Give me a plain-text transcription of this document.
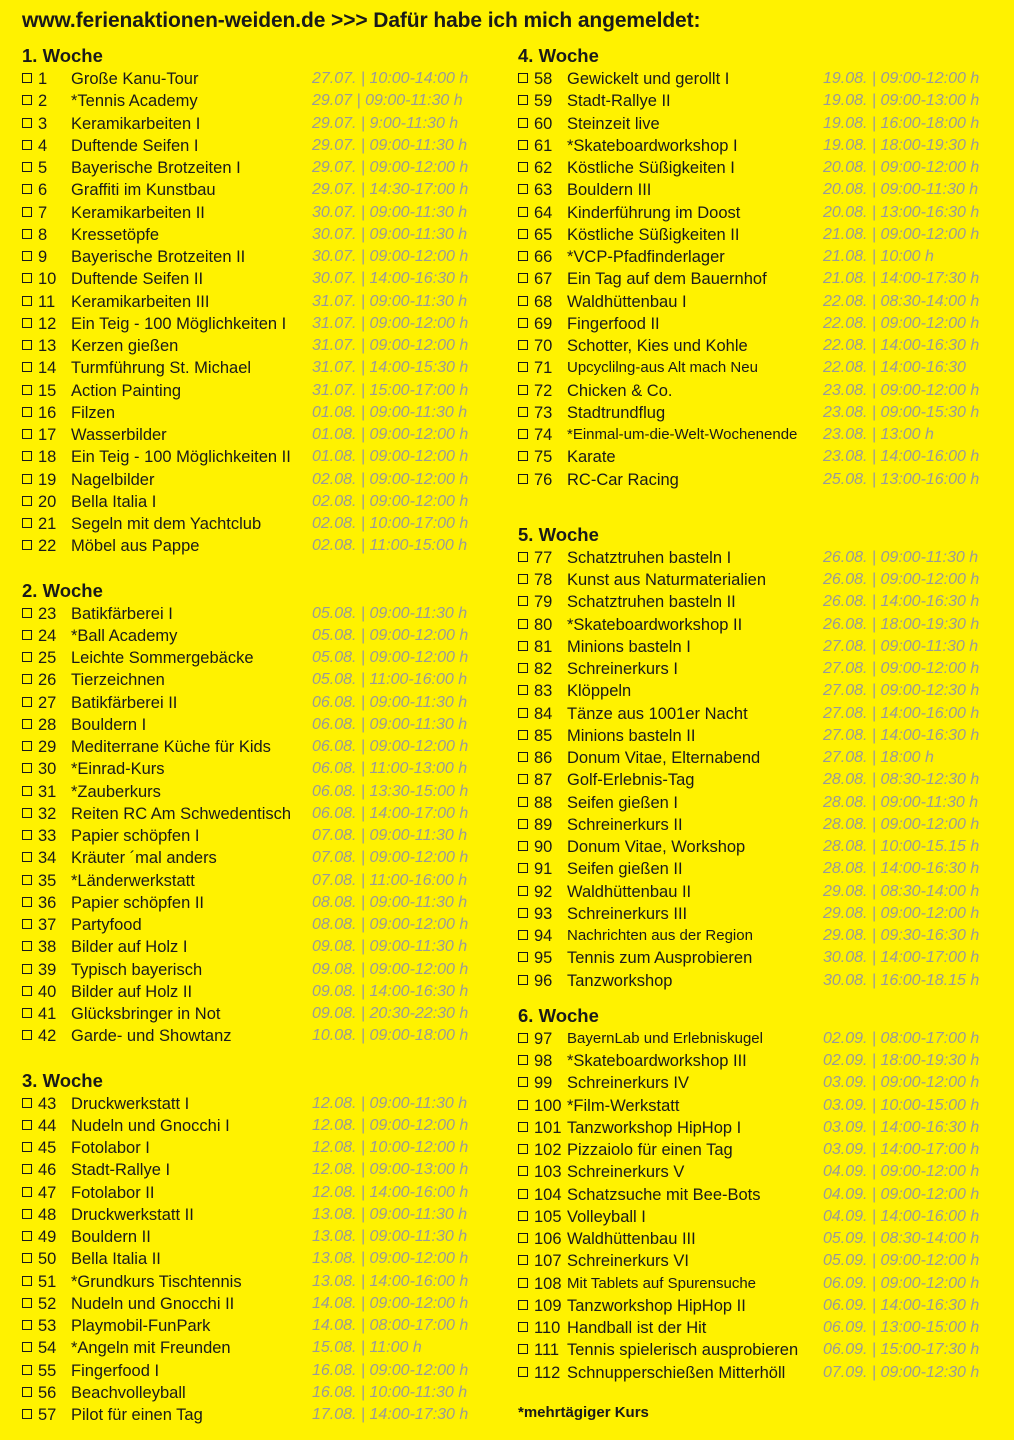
www.ferienaktionen-weiden.de >>> Dafür habe ich mich angemeldet:
1. Woche
1 Große Kanu-Tour	27.07. | 10:00-14:00 h
2 *Tennis Academy	29.07 | 09:00-11:30 h
3 Keramikarbeiten I	29.07. | 9:00-11:30 h
4 Duftende Seifen I	29.07. | 09:00-11:30 h
5 Bayerische Brotzeiten I	29.07. | 09:00-12:00 h
6 Graffiti im Kunstbau	29.07. | 14:30-17:00 h
7 Keramikarbeiten II	30.07. | 09:00-11:30 h
8 Kressetöpfe	30.07. | 09:00-11:30 h
9 Bayerische Brotzeiten II	30.07. | 09:00-12:00 h
10 Duftende Seifen II	30.07. | 14:00-16:30 h
11 Keramikarbeiten III	31.07. | 09:00-11:30 h
12 Ein Teig - 100 Möglichkeiten I 31.07. | 09:00-12:00 h
13 Kerzen gießen	31.07. | 09:00-12:00 h
14 Turmführung St. Michael	31.07. | 14:00-15:30 h
15 Action Painting	31.07. | 15:00-17:00 h
16 Filzen	01.08. | 09:00-11:30 h
17 Wasserbilder	01.08. | 09:00-12:00 h
18 Ein Teig - 100 Möglichkeiten II 01.08. | 09:00-12:00 h
19 Nagelbilder	02.08. | 09:00-12:00 h
20 Bella Italia I	02.08. | 09:00-12:00 h
21 Segeln mit dem Yachtclub	02.08. | 10:00-17:00 h
22 Möbel aus Pappe	02.08. | 11:00-15:00 h
2. Woche
23 Batikfärberei I	05.08. | 09:00-11:30 h
24 *Ball Academy	05.08. | 09:00-12:00 h
25 Leichte Sommergebäcke	05.08. | 09:00-12:00 h
26 Tierzeichnen	05.08. | 11:00-16:00 h
27 Batikfärberei II	06.08. | 09:00-11:30 h
28 Bouldern I	06.08. | 09:00-11:30 h
29 Mediterrane Küche für Kids	06.08. | 09:00-12:00 h
30 *Einrad-Kurs	06.08. | 11:00-13:00 h
31 *Zauberkurs	06.08. | 13:30-15:00 h
32 Reiten RC Am Schwedentisch 06.08. | 14:00-17:00 h
33 Papier schöpfen I	07.08. | 09:00-11:30 h
34 Kräuter ´mal anders	07.08. | 09:00-12:00 h
35 *Länderwerkstatt	07.08. | 11:00-16:00 h
36 Papier schöpfen II	08.08. | 09:00-11:30 h
37 Partyfood	08.08. | 09:00-12:00 h
38 Bilder auf Holz I	09.08. | 09:00-11:30 h
39 Typisch bayerisch	09.08. | 09:00-12:00 h
40 Bilder auf Holz II	09.08. | 14:00-16:30 h
41 Glücksbringer in Not	09.08. | 20:30-22:30 h
42 Garde- und Showtanz	10.08. | 09:00-18:00 h
3. Woche
43 Druckwerkstatt I	12.08. | 09:00-11:30 h
44 Nudeln und Gnocchi I	12.08. | 09:00-12:00 h
45 Fotolabor I	12.08. | 10:00-12:00 h
46 Stadt-Rallye I	12.08. | 09:00-13:00 h
47 Fotolabor II	12.08. | 14:00-16:00 h
48 Druckwerkstatt II	13.08. | 09:00-11:30 h
49 Bouldern II	13.08. | 09:00-11:30 h
50 Bella Italia II	13.08. | 09:00-12:00 h
51 *Grundkurs Tischtennis	13.08. | 14:00-16:00 h
52 Nudeln und Gnocchi II	14.08. | 09:00-12:00 h
53 Playmobil-FunPark	14.08. | 08:00-17:00 h
54 *Angeln mit Freunden	15.08. | 11:00 h
55 Fingerfood I	16.08. | 09:00-12:00 h
56 Beachvolleyball	16.08. | 10:00-11:30 h
57 Pilot für einen Tag	17.08. | 14:00-17:30 h
4. Woche
58 Gewickelt und gerollt I	19.08. | 09:00-12:00 h
59 Stadt-Rallye II	19.08. | 09:00-13:00 h
60 Steinzeit live	19.08. | 16:00-18:00 h
61 *Skateboardworkshop I	19.08. | 18:00-19:30 h
62 Köstliche Süßigkeiten I	20.08. | 09:00-12:00 h
63 Bouldern III	20.08. | 09:00-11:30 h
64 Kinderführung im Doost	20.08. | 13:00-16:30 h
65 Köstliche Süßigkeiten II	21.08. | 09:00-12:00 h
66 *VCP-Pfadfinderlager	21.08. | 10:00 h
67 Ein Tag auf dem Bauernhof	21.08. | 14:00-17:30 h
68 Waldhüttenbau I	22.08. | 08:30-14:00 h
69 Fingerfood II	22.08. | 09:00-12:00 h
70 Schotter, Kies und Kohle	22.08. | 14:00-16:30 h
71 Upcyclilng-aus Alt mach Neu	22.08. | 14:00-16:30
72 Chicken & Co.	23.08. | 09:00-12:00 h
73 Stadtrundflug	23.08. | 09:00-15:30 h
74 *Einmal-um-die-Welt-Wochenende 23.08. | 13:00 h
75 Karate	23.08. | 14:00-16:00 h
76 RC-Car Racing	25.08. | 13:00-16:00 h
5. Woche
77 Schatztruhen basteln I	26.08. | 09:00-11:30 h
78 Kunst aus Naturmaterialien	26.08. | 09:00-12:00 h
79 Schatztruhen basteln II	26.08. | 14:00-16:30 h
80 *Skateboardworkshop II	26.08. | 18:00-19:30 h
81 Minions basteln I	27.08. | 09:00-11:30 h
82 Schreinerkurs I	27.08. | 09:00-12:00 h
83 Klöppeln	27.08. | 09:00-12:30 h
84 Tänze aus 1001er Nacht	27.08. | 14:00-16:00 h
85 Minions basteln II	27.08. | 14:00-16:30 h
86 Donum Vitae, Elternabend	27.08. | 18:00 h
87 Golf-Erlebnis-Tag	28.08. | 08:30-12:30 h
88 Seifen gießen I	28.08. | 09:00-11:30 h
89 Schreinerkurs II	28.08. | 09:00-12:00 h
90 Donum Vitae, Workshop	28.08. | 10:00-15.15 h
91 Seifen gießen II	28.08. | 14:00-16:30 h
92 Waldhüttenbau II	29.08. | 08:30-14:00 h
93 Schreinerkurs III	29.08. | 09:00-12:00 h
94 Nachrichten aus der Region	29.08. | 09:30-16:30 h
95 Tennis zum Ausprobieren	30.08. | 14:00-17:00 h
96 Tanzworkshop	30.08. | 16:00-18.15 h
6. Woche
97 BayernLab und Erlebniskugel	02.09. | 08:00-17:00 h
98 *Skateboardworkshop III	02.09. | 18:00-19:30 h
99 Schreinerkurs IV	03.09. | 09:00-12:00 h
100 *Film-Werkstatt	03.09. | 10:00-15:00 h
101 Tanzworkshop HipHop I	03.09. | 14:00-16:30 h
102 Pizzaiolo für einen Tag	03.09. | 14:00-17:00 h
103 Schreinerkurs V	04.09. | 09:00-12:00 h
104 Schatzsuche mit Bee-Bots	04.09. | 09:00-12:00 h
105 Volleyball I	04.09. | 14:00-16:00 h
106 Waldhüttenbau III	05.09. | 08:30-14:00 h
107 Schreinerkurs VI	05.09. | 09:00-12:00 h
108 Mit Tablets auf Spurensuche	06.09. | 09:00-12:00 h
109 Tanzworkshop HipHop II	06.09. | 14:00-16:30 h
110 Handball ist der Hit	06.09. | 13:00-15:00 h
111 Tennis spielerisch ausprobieren 06.09. | 15:00-17:30 h
112 Schnupperschießen Mitterhöll 07.09. | 09:00-12:30 h
*mehrtägiger Kurs
